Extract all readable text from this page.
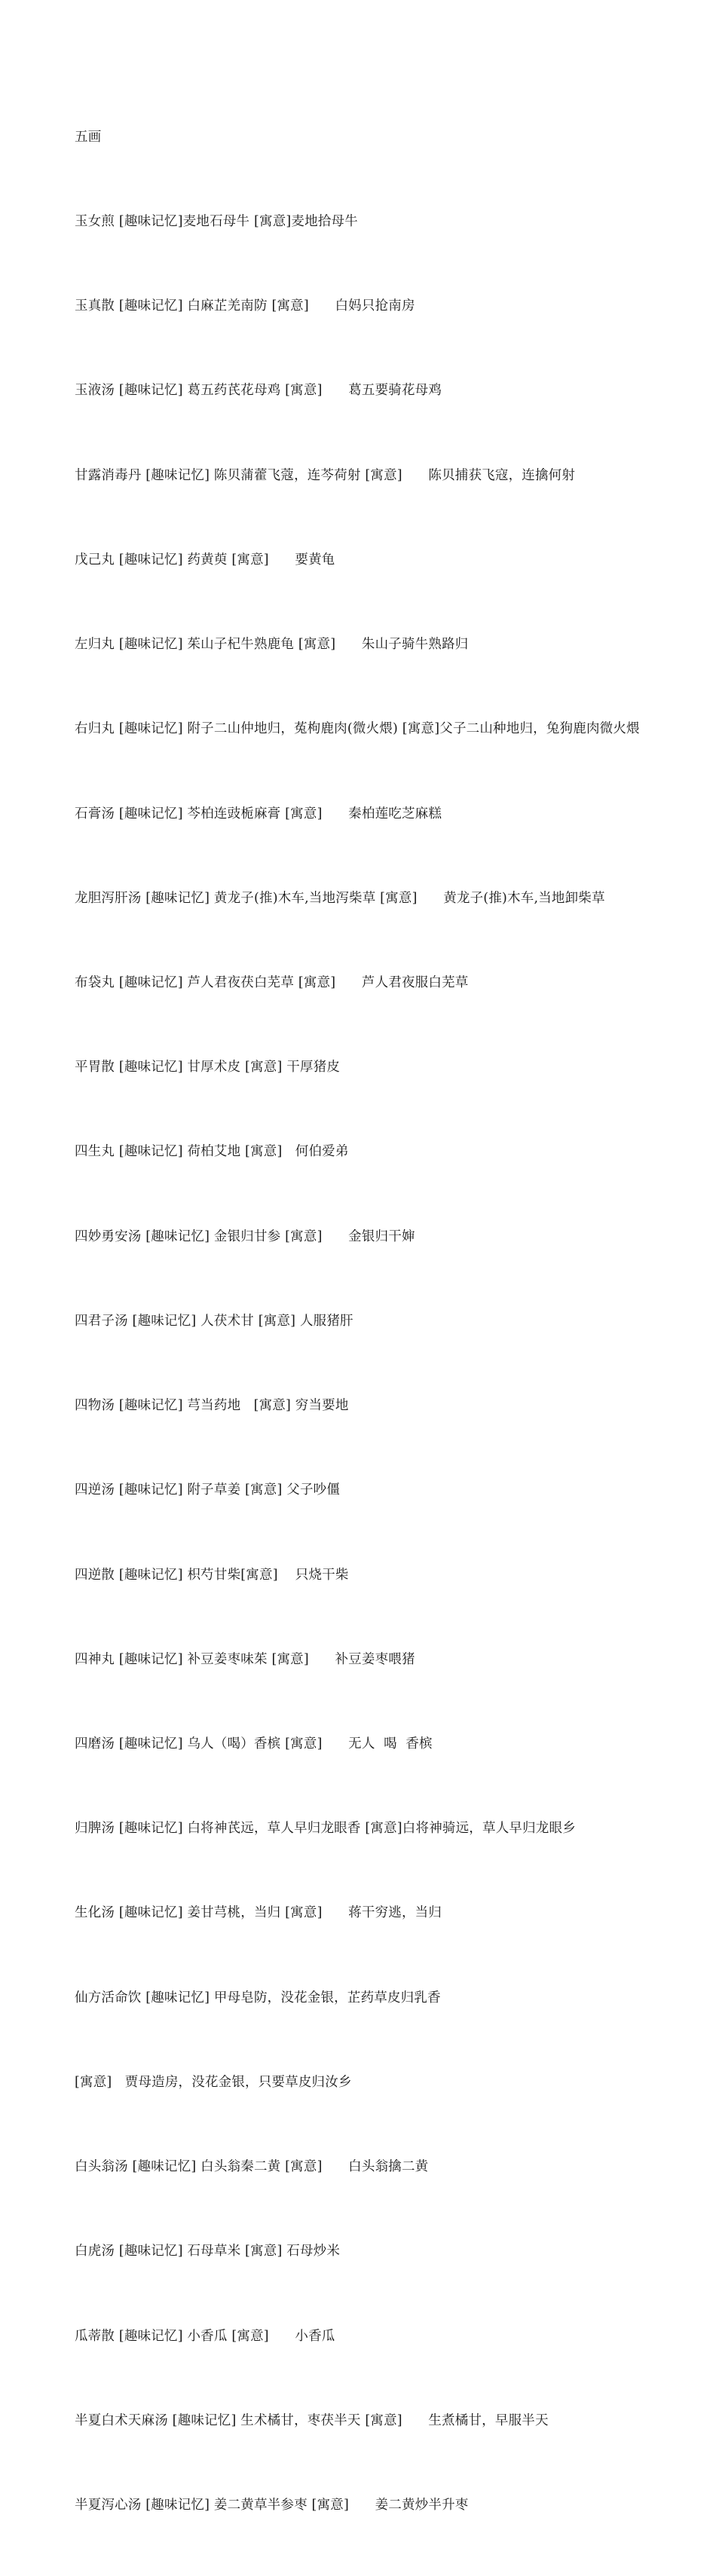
五画

玉女煎 [趣味记忆]麦地石母牛 [寓意]麦地拾母牛

玉真散 [趣味记忆] 白麻芷羌南防 [寓意]      白妈只抢南房

玉液汤 [趣味记忆] 葛五药芪花母鸡 [寓意]      葛五要骑花母鸡

甘露消毒丹 [趣味记忆] 陈贝蒲藿飞蔻，连芩荷射 [寓意]      陈贝捕获飞寇，连擒何射

戊己丸 [趣味记忆] 药黄萸 [寓意]      要黄龟

左归丸 [趣味记忆] 茱山子杞牛熟鹿龟 [寓意]      朱山子骑牛熟路归

右归丸 [趣味记忆] 附子二山仲地归，菟枸鹿肉(微火煨) [寓意]父子二山种地归，兔狗鹿肉微火煨

石膏汤 [趣味记忆] 芩柏连豉栀麻膏 [寓意]      秦柏莲吃芝麻糕

龙胆泻肝汤 [趣味记忆] 黄龙子(推)木车,当地泻柴草 [寓意]      黄龙子(推)木车,当地卸柴草

布袋丸 [趣味记忆] 芦人君夜茯白芜草 [寓意]      芦人君夜服白芜草

平胃散 [趣味记忆] 甘厚术皮 [寓意] 干厚猪皮

四生丸 [趣味记忆] 荷柏艾地 [寓意]   何伯爱弟

四妙勇安汤 [趣味记忆] 金银归甘参 [寓意]      金银归干婶

四君子汤 [趣味记忆] 人茯术甘 [寓意] 人服猪肝

四物汤 [趣味记忆] 芎当药地   [寓意] 穷当要地

四逆汤 [趣味记忆] 附子草姜 [寓意] 父子吵僵

四逆散 [趣味记忆] 枳芍甘柴[寓意]    只烧干柴

四神丸 [趣味记忆] 补豆姜枣味茱 [寓意]      补豆姜枣喂猪

四磨汤 [趣味记忆] 乌人（喝）香槟 [寓意]      无人  喝  香槟

归脾汤 [趣味记忆] 白将神芪远，草人早归龙眼香 [寓意]白将神骑远，草人早归龙眼乡

生化汤 [趣味记忆] 姜甘芎桃，当归 [寓意]      蒋干穷逃，当归

仙方活命饮 [趣味记忆] 甲母皂防，没花金银，芷药草皮归乳香

[寓意]   贾母造房，没花金银，只要草皮归汝乡

白头翁汤 [趣味记忆] 白头翁秦二黄 [寓意]      白头翁擒二黄

白虎汤 [趣味记忆] 石母草米 [寓意] 石母炒米

瓜蒂散 [趣味记忆] 小香瓜 [寓意]      小香瓜

半夏白术天麻汤 [趣味记忆] 生术橘甘，枣茯半天 [寓意]      生煮橘甘，早服半天

半夏泻心汤 [趣味记忆] 姜二黄草半参枣 [寓意]      姜二黄炒半升枣
